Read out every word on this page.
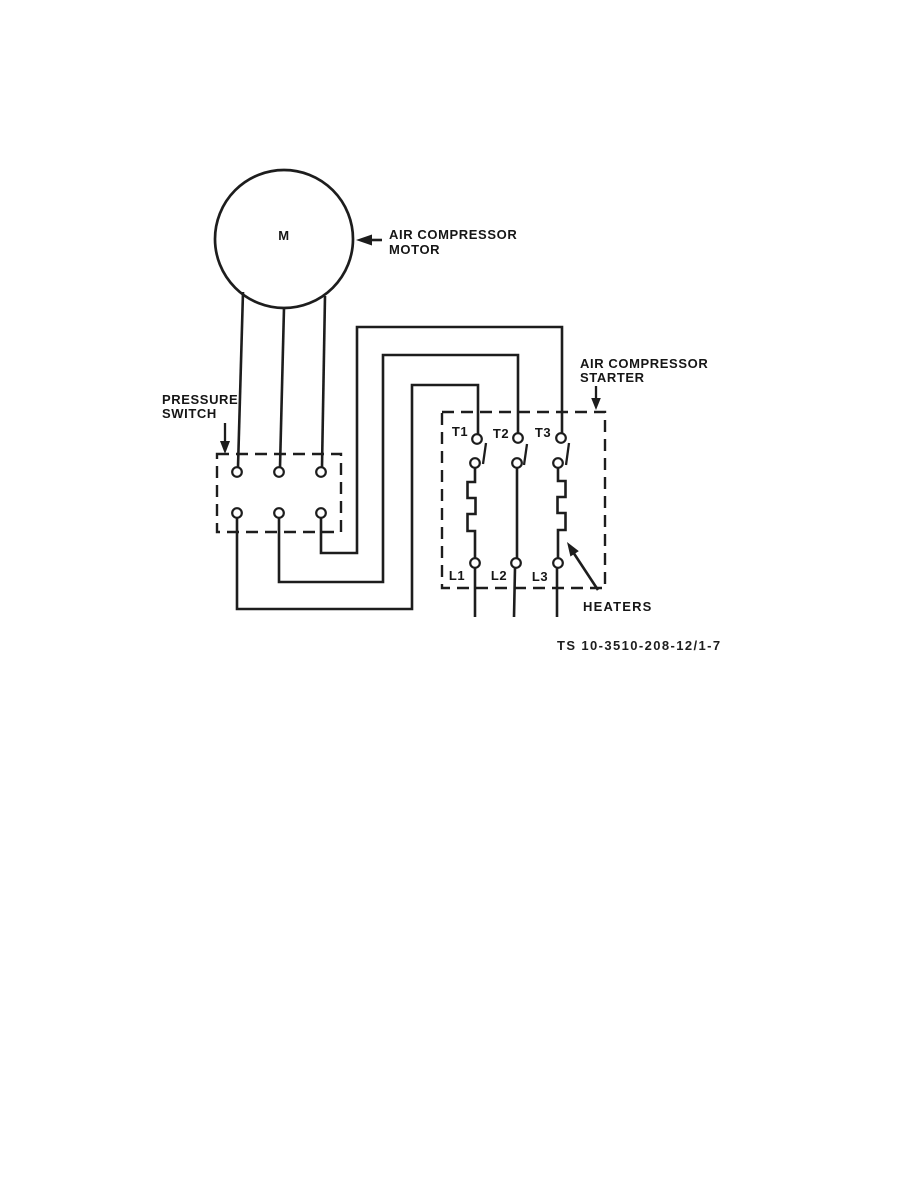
M	AIR COMPRESSOR
MOTOR
PRESSURE
SWITCH
AIR COMPRESSOR
STARTER
T1 T2 T3
L1 L2 L3
HEATERS
TS 10-3510-208-12/1-7
